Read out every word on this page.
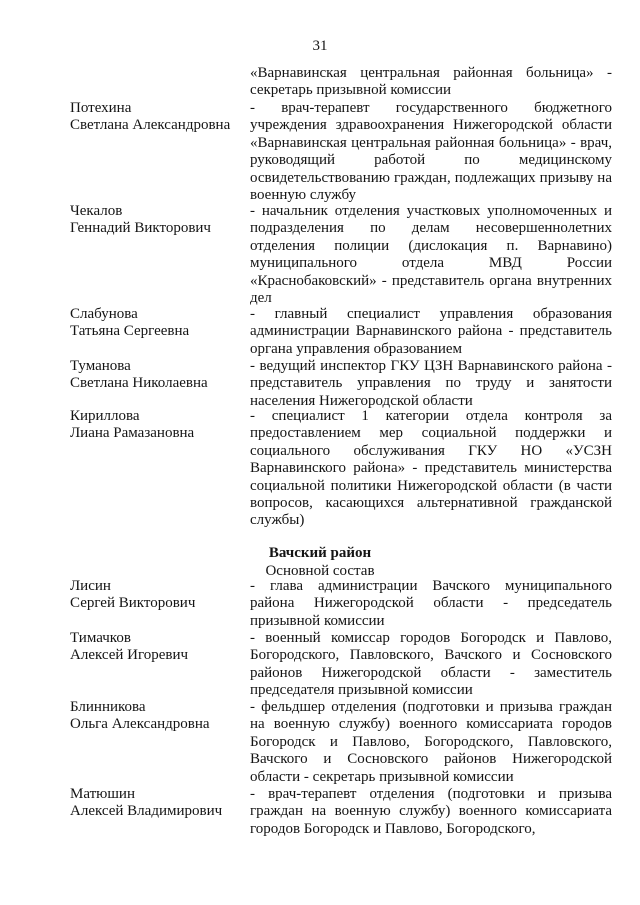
31
«Варнавинская центральная районная больница» - секретарь призывной комиссии
Потехина
Светлана Александровна
- врач-терапевт государственного бюджетного учреждения здравоохранения Нижегородской области «Варнавинская центральная районная больница» - врач, руководящий работой по медицинскому освидетельствованию граждан, подлежащих призыву на военную службу
Чекалов
Геннадий Викторович
- начальник отделения участковых уполномоченных и подразделения по делам несовершеннолетних отделения полиции (дислокация п. Варнавино) муниципального отдела МВД России «Краснобаковский» - представитель органа внутренних дел
Слабунова
Татьяна Сергеевна
- главный специалист управления образования администрации Варнавинского района - представитель органа управления образованием
Туманова
Светлана Николаевна
- ведущий инспектор ГКУ ЦЗН Варнавинского района - представитель управления по труду и занятости населения Нижегородской области
Кириллова
Лиана Рамазановна
- специалист 1 категории отдела контроля за предоставлением мер социальной поддержки и социального обслуживания ГКУ НО «УСЗН Варнавинского района» - представитель министерства социальной политики Нижегородской области (в части вопросов, касающихся альтернативной гражданской службы)
Вачский район
Основной состав
Лисин
Сергей Викторович
- глава администрации Вачского муниципального района Нижегородской области - председатель призывной комиссии
Тимачков
Алексей Игоревич
- военный комиссар городов Богородск и Павлово, Богородского, Павловского, Вачского и Сосновского районов Нижегородской области - заместитель председателя призывной комиссии
Блинникова
Ольга Александровна
- фельдшер отделения (подготовки и призыва граждан на военную службу) военного комиссариата городов Богородск и Павлово, Богородского, Павловского, Вачского и Сосновского районов Нижегородской области - секретарь призывной комиссии
Матюшин
Алексей Владимирович
- врач-терапевт отделения (подготовки и призыва граждан на военную службу) военного комиссариата городов Богородск и Павлово, Богородского,
